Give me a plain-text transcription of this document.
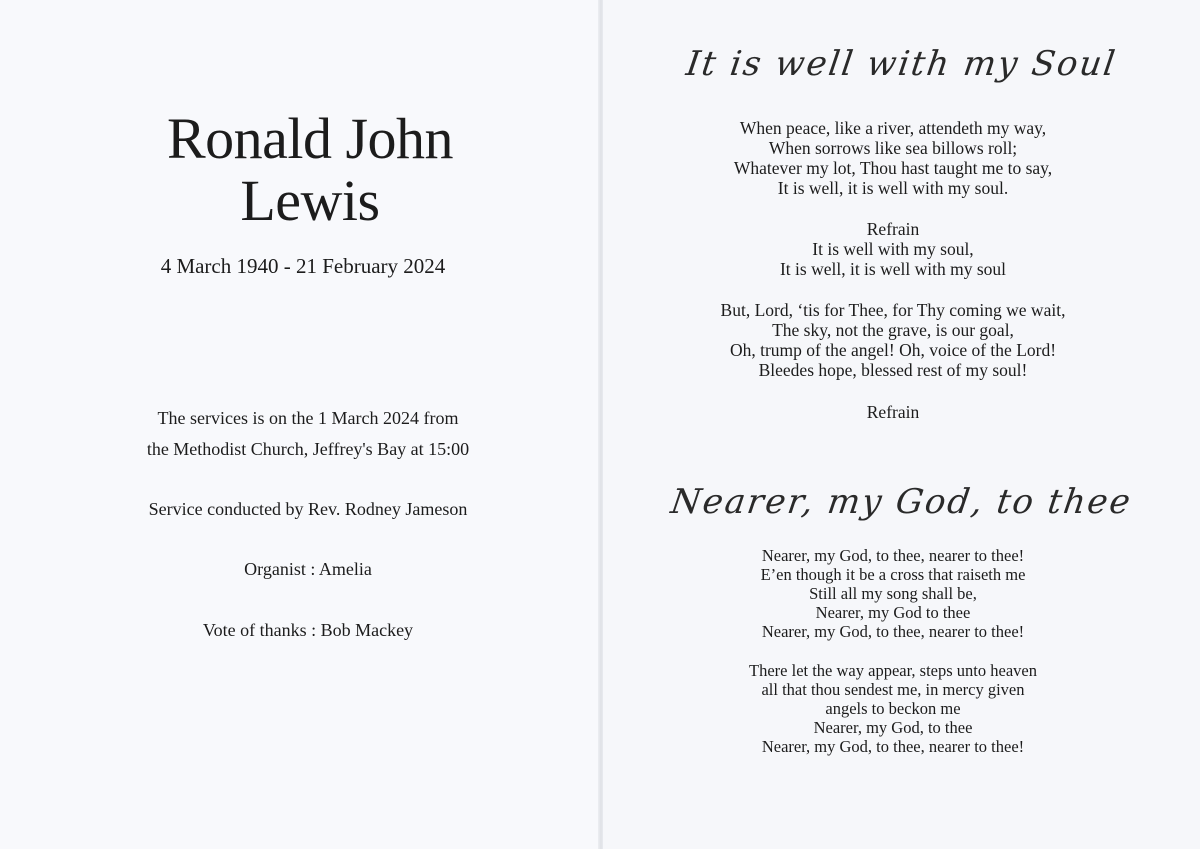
Ronald John
Lewis
4 March 1940 - 21 February 2024
The services is on the 1 March 2024 from
the Methodist Church, Jeffrey's Bay at 15:00
Service conducted by Rev. Rodney Jameson
Organist : Amelia
Vote of thanks : Bob Mackey
It is well with my Soul
When peace, like a river, attendeth my way,
When sorrows like sea billows roll;
Whatever my lot, Thou hast taught me to say,
It is well, it is well with my soul.
Refrain
It is well with my soul,
It is well, it is well with my soul
But, Lord, ‘tis for Thee, for Thy coming we wait,
The sky, not the grave, is our goal,
Oh, trump of the angel! Oh, voice of the Lord!
Bleedes hope, blessed rest of my soul!
Refrain
Nearer, my God, to thee
Nearer, my God, to thee, nearer to thee!
E’en though it be a cross that raiseth me
Still all my song shall be,
Nearer, my God to thee
Nearer, my God, to thee, nearer to thee!
There let the way appear, steps unto heaven
all that thou sendest me, in mercy given
angels to beckon me
Nearer, my God, to thee
Nearer, my God, to thee, nearer to thee!
